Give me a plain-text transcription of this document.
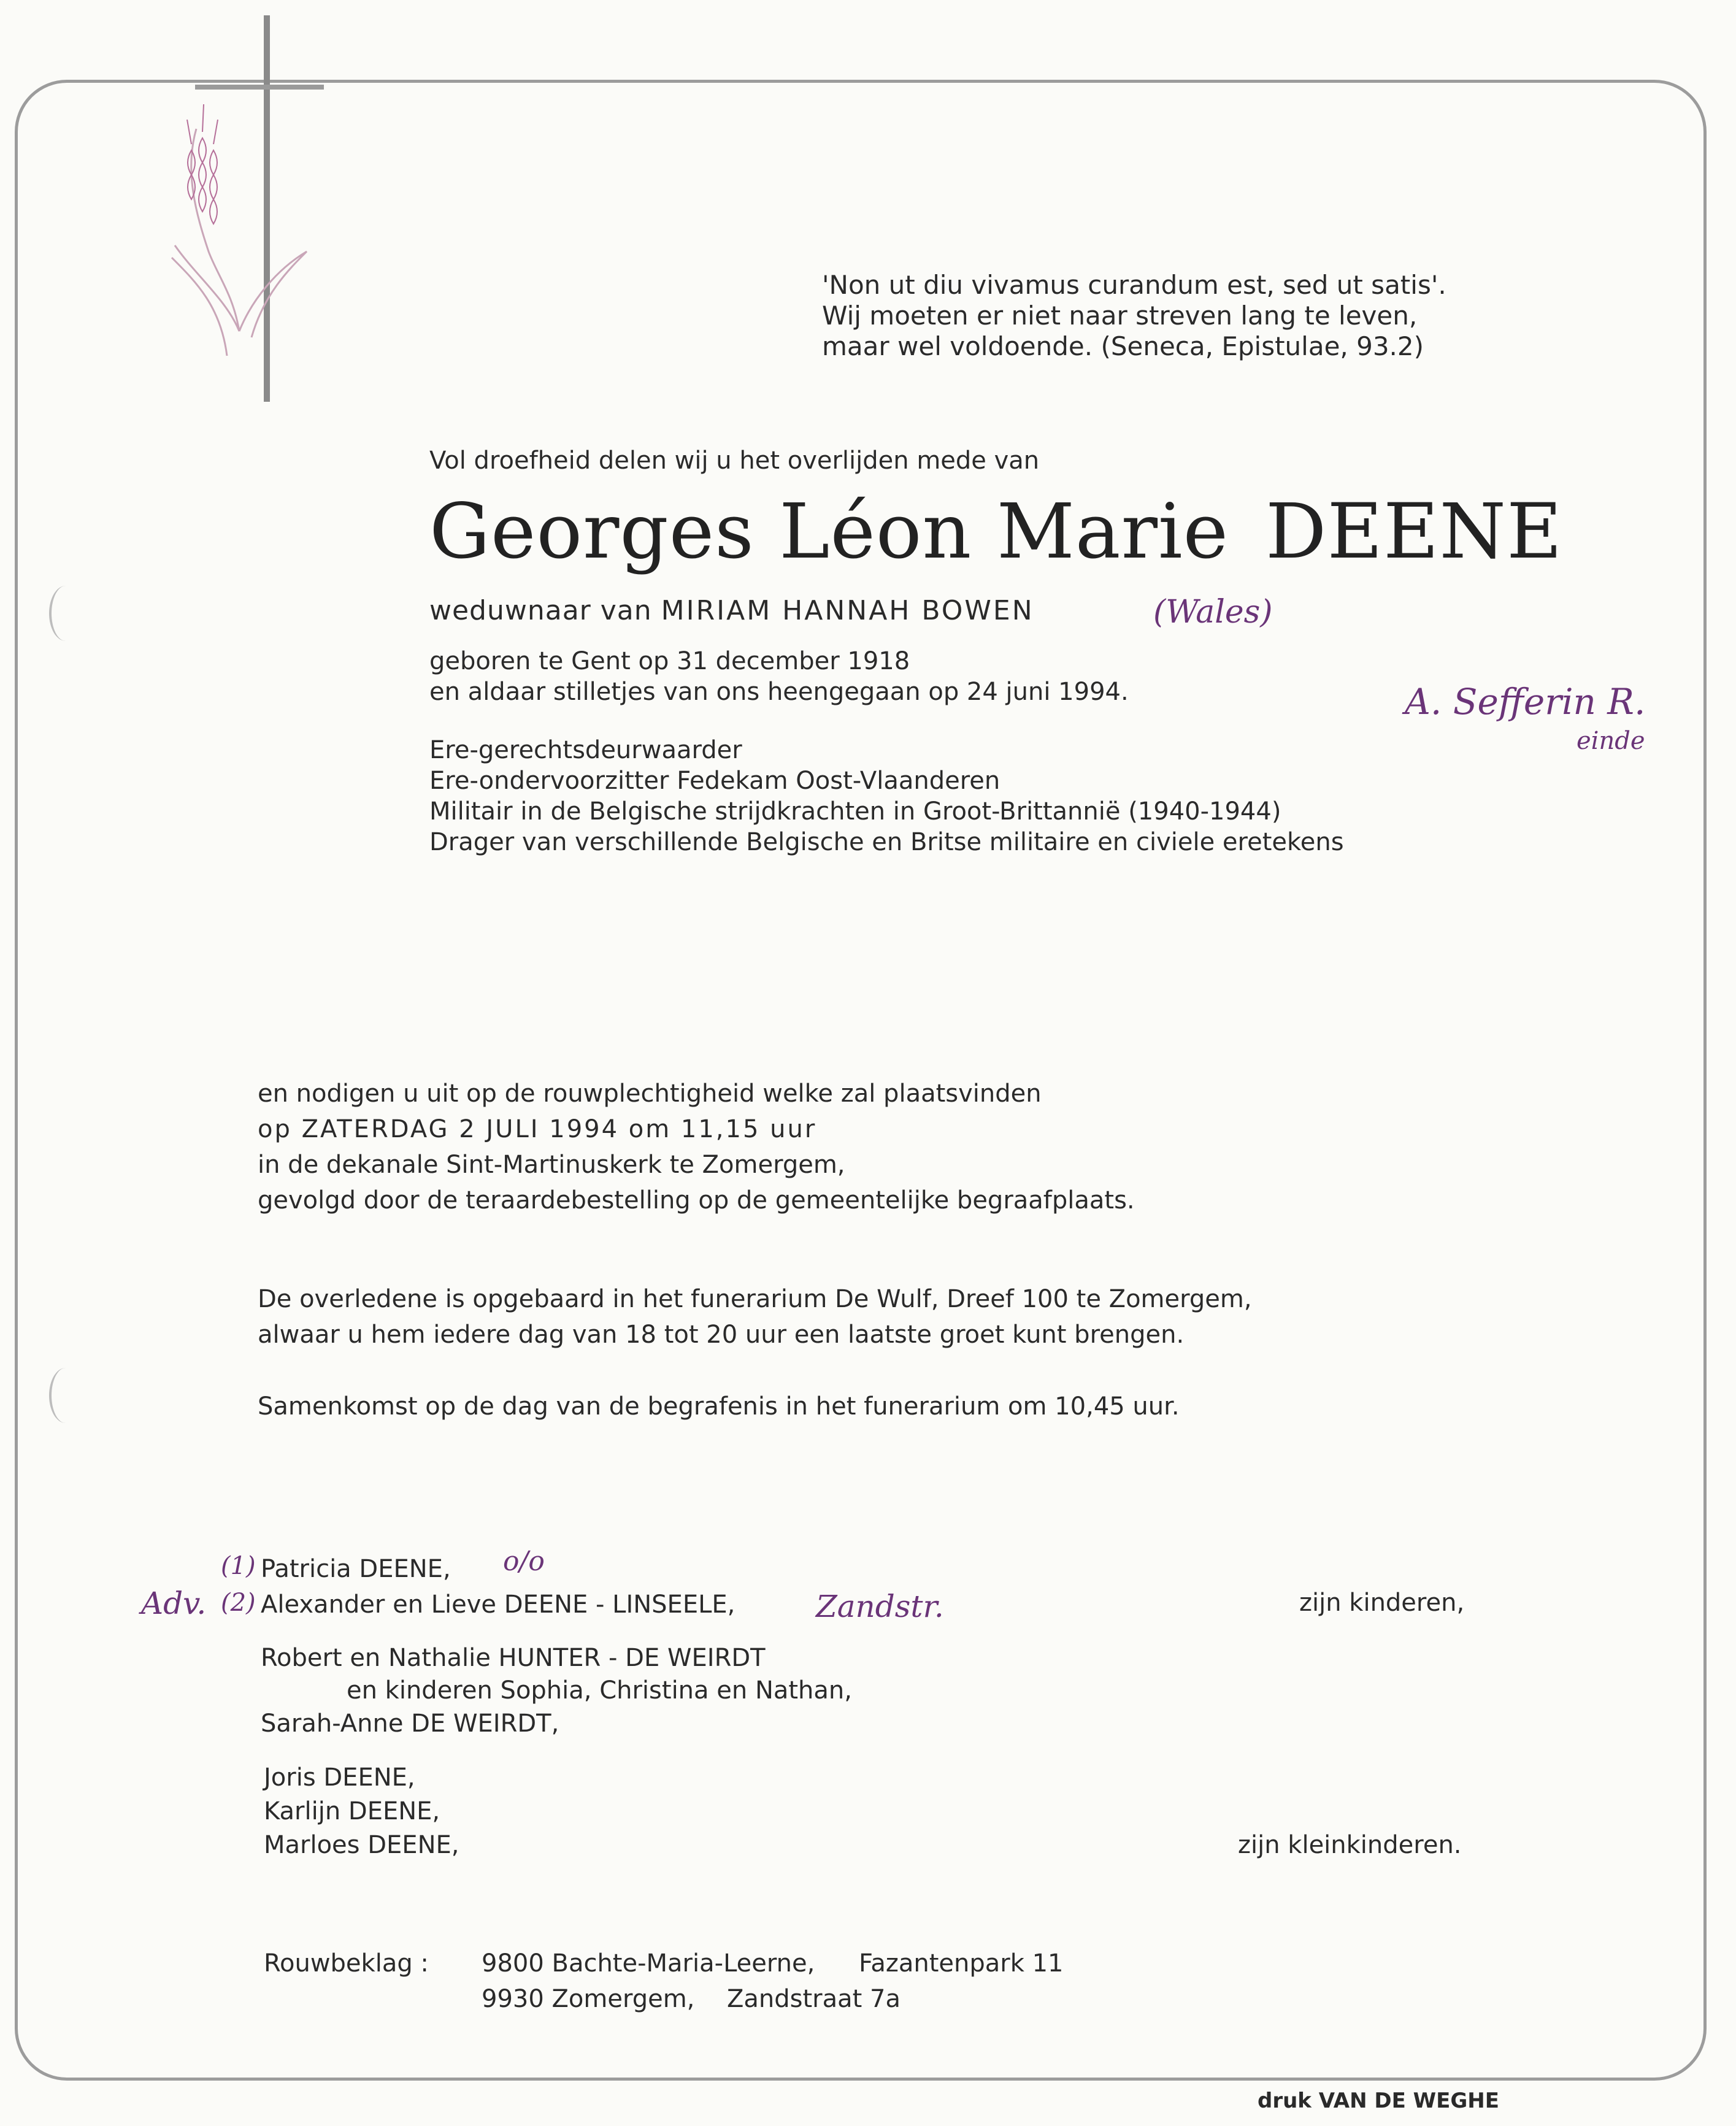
'Non ut diu vivamus curandum est, sed ut satis'.
Wij moeten er niet naar streven lang te leven,
maar wel voldoende. (Seneca, Epistulae, 93.2)
Vol droefheid delen wij u het overlijden mede van
Georges Léon Marie DEENE
weduwnaar van MIRIAM HANNAH BOWEN	(Wales)
geboren te Gent op 31 december 1918
en aldaar stilletjes van ons heengegaan op 24 juni 1994.	A. Sefferin R.
einde
Ere-gerechtsdeurwaarder
Ere-ondervoorzitter Fedekam Oost-Vlaanderen
Militair in de Belgische strijdkrachten in Groot-Brittannië (1940-1944)
Drager van verschillende Belgische en Britse militaire en civiele eretekens
en nodigen u uit op de rouwplechtigheid welke zal plaatsvinden
op ZATERDAG 2 JULI 1994 om 11,15 uur
in de dekanale Sint-Martinuskerk te Zomergem,
gevolgd door de teraardebestelling op de gemeentelijke begraafplaats.
De overledene is opgebaard in het funerarium De Wulf, Dreef 100 te Zomergem,
alwaar u hem iedere dag van 18 tot 20 uur een laatste groet kunt brengen.
Samenkomst op de dag van de begrafenis in het funerarium om 10,45 uur.
(1)
(2)
Adv.
o/o
Zandstr.
Patricia DEENE,
Alexander en Lieve DEENE - LINSEELE,	zijn kinderen,
Robert en Nathalie HUNTER - DE WEIRDT
en kinderen Sophia, Christina en Nathan,
Sarah-Anne DE WEIRDT,
Joris DEENE,
Karlijn DEENE,
Marloes DEENE,	zijn kleinkinderen.
Rouwbeklag : 9800 Bachte-Maria-Leerne, Fazantenpark 11
9930 Zomergem, Zandstraat 7a
druk VAN DE WEGHE
